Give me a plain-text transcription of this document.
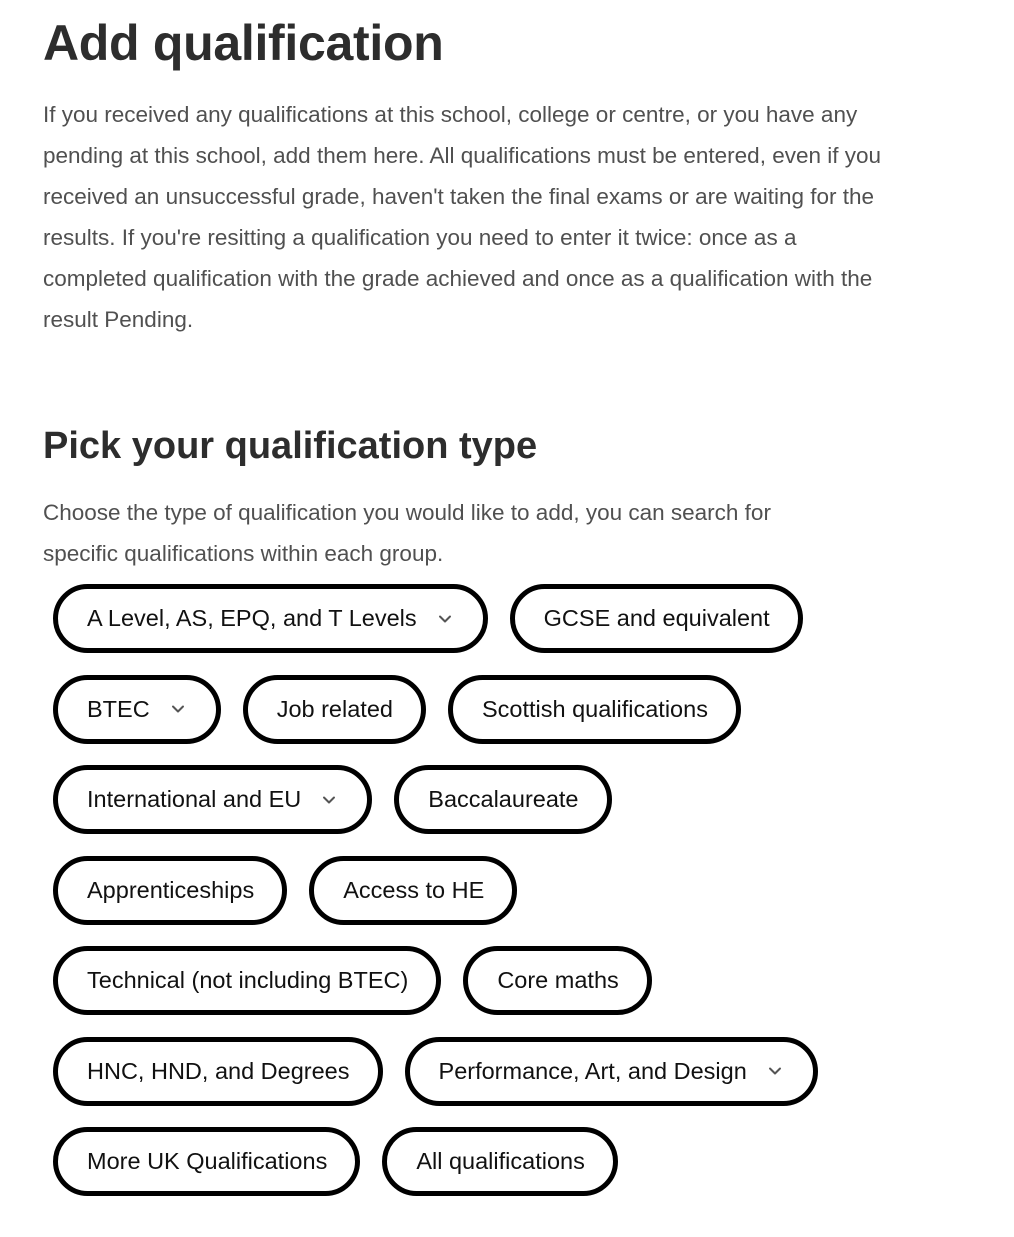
Add qualification

If you received any qualifications at this school, college or centre, or you have any pending at this school, add them here. All qualifications must be entered, even if you received an unsuccessful grade, haven't taken the final exams or are waiting for the results. If you're resitting a qualification you need to enter it twice: once as a completed qualification with the grade achieved and once as a qualification with the result Pending.

Pick your qualification type

Choose the type of qualification you would like to add, you can search for specific qualifications within each group.

A Level, AS, EPQ, and T Levels	GCSE and equivalent
BTEC	Job related	Scottish qualifications
International and EU	Baccalaureate
Apprenticeships	Access to HE
Technical (not including BTEC)	Core maths
HNC, HND, and Degrees	Performance, Art, and Design
More UK Qualifications	All qualifications
